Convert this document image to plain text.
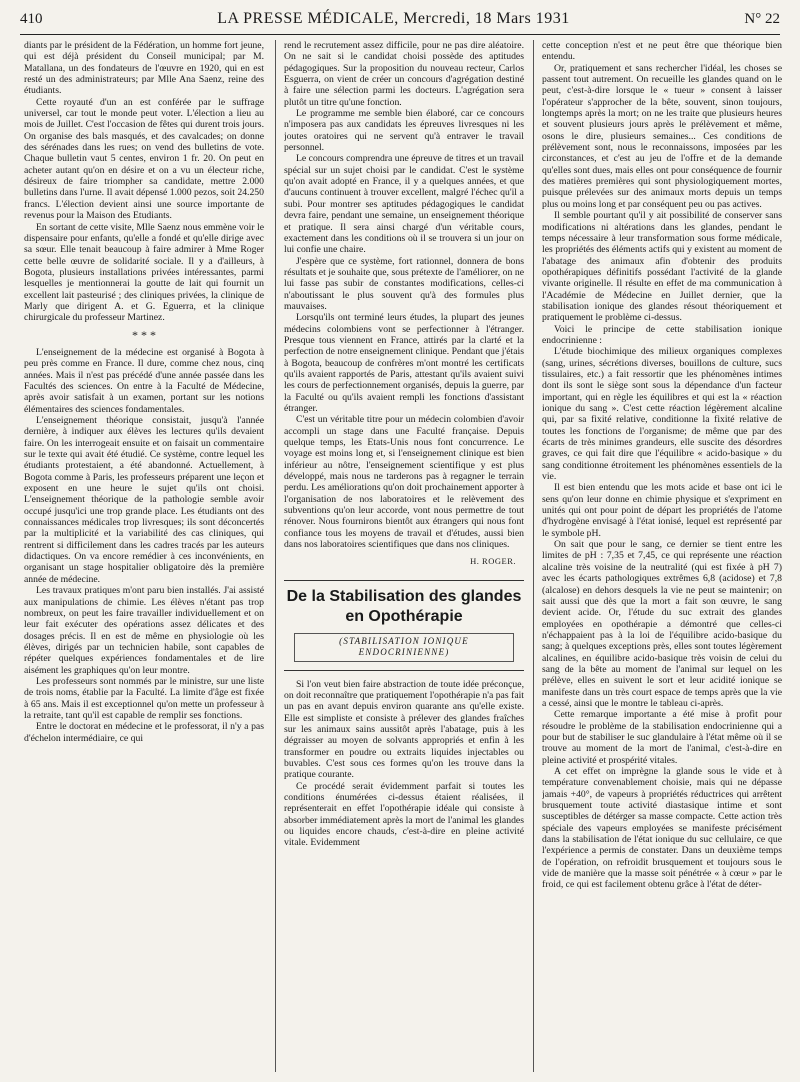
410	LA PRESSE MÉDICALE, Mercredi, 18 Mars 1931	N° 22

diants par le président de la Fédération, un homme fort jeune, qui est déjà président du Conseil municipal; par M. Matallana, un des fondateurs de l'œuvre en 1920, qui en est resté un des administrateurs; par Mlle Ana Saenz, reine des étudiants.

Cette royauté d'un an est conférée par le suffrage universel, car tout le monde peut voter. L'élection a lieu au mois de Juillet. C'est l'occasion de fêtes qui durent trois jours. On organise des bals masqués, et des cavalcades; on donne des sérénades dans les rues; on vend des bulletins de vote. Chaque bulletin vaut 5 centes, environ 1 fr. 20. On peut en acheter autant qu'on en désire et on a vu un électeur riche, désireux de faire triompher sa candidate, mettre 2.000 bulletins dans l'urne. Il avait dépensé 1.000 pezos, soit 24.250 francs. L'élection devient ainsi une source importante de revenus pour la Maison des Etudiants.

En sortant de cette visite, Mlle Saenz nous emmène voir le dispensaire pour enfants, qu'elle a fondé et qu'elle dirige avec sa sœur. Elle tenait beaucoup à faire admirer à Mme Roger cette belle œuvre de solidarité sociale. Il y a d'ailleurs, à Bogota, plusieurs installations privées intéressantes, parmi lesquelles je mentionnerai la goutte de lait qui fournit un excellent lait pasteurisé ; des cliniques privées, la clinique de Marly que dirigent A. et G. Eguerra, et la clinique chirurgicale du professeur Martinez.

* * *

L'enseignement de la médecine est organisé à Bogota à peu près comme en France. Il dure, comme chez nous, cinq années. Mais il n'est pas précédé d'une année passée dans les Facultés des sciences. On entre à la Faculté de Médecine, après avoir satisfait à un examen, portant sur les notions élémentaires des sciences fondamentales.

L'enseignement théorique consistait, jusqu'à l'année dernière, à indiquer aux élèves les lectures qu'ils devaient faire. On les interrogeait ensuite et on faisait un commentaire sur le texte qui avait été étudié. Ce système, contre lequel les étudiants protestaient, a été abandonné. Actuellement, à Bogota comme à Paris, les professeurs préparent une leçon et exposent en une heure le sujet qu'ils ont choisi. L'enseignement théorique de la pathologie semble avoir occupé jusqu'ici une trop grande place. Les étudiants ont des connaissances médicales trop livresques; ils sont déconcertés par la multiplicité et la variabilité des cas cliniques, qui rentrent si difficilement dans les cadres tracés par les auteurs didactiques. On va encore remédier à ces inconvénients, en organisant un stage hospitalier obligatoire dès la première année de médecine.

Les travaux pratiques m'ont paru bien installés. J'ai assisté aux manipulations de chimie. Les élèves n'étant pas trop nombreux, on peut les faire travailler individuellement et on leur fait exécuter des opérations assez délicates et des dosages précis. Il en est de même en physiologie où les élèves, dirigés par un technicien habile, sont capables de répéter quelques expériences fondamentales et de lire aisément les graphiques qu'on leur montre.

Les professeurs sont nommés par le ministre, sur une liste de trois noms, établie par la Faculté. La limite d'âge est fixée à 65 ans. Mais il est exceptionnel qu'on mette un professeur à la retraite, tant qu'il est capable de remplir ses fonctions.

Entre le doctorat en médecine et le professorat, il n'y a pas d'échelon intermédiaire, ce qui

rend le recrutement assez difficile, pour ne pas dire aléatoire. On ne sait si le candidat choisi possède des aptitudes pédagogiques. Sur la proposition du nouveau recteur, Carlos Esguerra, on vient de créer un concours d'agrégation destiné à faire une sélection parmi les docteurs. L'agrégation sera plutôt un titre qu'une fonction.

Le programme me semble bien élaboré, car ce concours n'imposera pas aux candidats les épreuves livresques ni les joutes oratoires qui ne servent qu'à entraver le travail personnel.

Le concours comprendra une épreuve de titres et un travail spécial sur un sujet choisi par le candidat. C'est le système qu'on avait adopté en France, il y a quelques années, et que d'aucuns continuent à trouver excellent, malgré l'échec qu'il a subi. Pour montrer ses aptitudes pédagogiques le candidat devra faire, pendant une semaine, un enseignement théorique et pratique. Il sera ainsi chargé d'un véritable cours, exactement dans les conditions où il se trouvera si un jour on lui confie une chaire.

J'espère que ce système, fort rationnel, donnera de bons résultats et je souhaite que, sous prétexte de l'améliorer, on ne lui fasse pas subir de constantes modifications, celles-ci n'aboutissant le plus souvent qu'à des formules plus mauvaises.

Lorsqu'ils ont terminé leurs études, la plupart des jeunes médecins colombiens vont se perfectionner à l'étranger. Presque tous viennent en France, attirés par la clarté et la perfection de notre enseignement clinique. Pendant que j'étais à Bogota, beaucoup de confrères m'ont montré les certificats qu'ils avaient rapportés de Paris, attestant qu'ils avaient suivi les cours de perfectionnement organisés, depuis la guerre, par la Faculté ou qu'ils avaient rempli les fonctions d'assistant étranger.

C'est un véritable titre pour un médecin colombien d'avoir accompli un stage dans une Faculté française. Depuis quelque temps, les Etats-Unis nous font concurrence. Le voyage est moins long et, si l'enseignement clinique est bien inférieur au nôtre, l'enseignement scientifique y est plus développé, mais nous ne tarderons pas à regagner le terrain perdu. Les améliorations qu'on doit prochainement apporter à l'organisation de nos laboratoires et le relèvement des subventions qu'on leur accorde, vont nous permettre de tout rénover. Nous fournirons bientôt aux étrangers qui nous font confiance tous les moyens de travail et d'études, aussi bien dans nos laboratoires scientifiques que dans nos cliniques.

H. ROGER.

De la Stabilisation des glandes en Opothérapie
(STABILISATION IONIQUE ENDOCRINIENNE)

Si l'on veut bien faire abstraction de toute idée préconçue, on doit reconnaître que pratiquement l'opothérapie n'a pas fait un pas en avant depuis environ quarante ans qu'elle existe. Elle est simpliste et consiste à prélever des glandes fraîches sur les animaux sains aussitôt après l'abatage, puis à les dégraisser au moyen de solvants appropriés et enfin à les transformer en poudre ou extraits liquides injectables ou buvables. C'est sous ces formes qu'on les trouve dans la pratique courante.

Ce procédé serait évidemment parfait si toutes les conditions énumérées ci-dessus étaient réalisées, il représenterait en effet l'opothérapie idéale qui consiste à absorber immédiatement après la mort de l'animal les glandes ou liquides encore chauds, c'est-à-dire en pleine activité vitale. Evidemment

cette conception n'est et ne peut être que théorique bien entendu.

Or, pratiquement et sans rechercher l'idéal, les choses se passent tout autrement. On recueille les glandes quand on le peut, c'est-à-dire lorsque le « tueur » consent à laisser l'opérateur s'approcher de la bête, souvent, sinon toujours, longtemps après la mort; on ne les traite que plusieurs heures et souvent plusieurs jours après le prélèvement et même, osons le dire, plusieurs semaines... Ces conditions de prélèvement sont, nous le reconnaissons, imposées par les circonstances, et c'est au jeu de l'offre et de la demande qu'elles sont dues, mais elles ont pour conséquence de fournir des matières premières qui sont physiologiquement mortes, puisque prélevées sur des animaux morts depuis un temps plus ou moins long et par conséquent peu ou pas actives.

Il semble pourtant qu'il y ait possibilité de conserver sans modifications ni altérations dans les glandes, pendant le temps nécessaire à leur transformation sous forme médicale, les propriétés des éléments actifs qui y existent au moment de l'abatage des animaux afin d'obtenir des produits opothérapiques définitifs possédant l'activité de la glande vivante originelle. Il résulte en effet de ma communication à l'Académie de Médecine en Juillet dernier, que la stabilisation ionique des glandes résout théoriquement et pratiquement le problème ci-dessus.

Voici le principe de cette stabilisation ionique endocrinienne :

L'étude biochimique des milieux organiques complexes (sang, urines, sécrétions diverses, bouillons de culture, sucs tissulaires, etc.) a fait ressortir que les phénomènes intimes dont ils sont le siège sont sous la dépendance d'un facteur important, qui en règle les équilibres et qui est la « réaction ionique du sang ». C'est cette réaction légèrement alcaline qui, par sa fixité relative, conditionne la fixité relative de toutes les fonctions de l'organisme; de même que par des écarts de très minimes grandeurs, elle suscite des désordres graves, ce qui fait dire que l'équilibre « acido-basique » du sang conditionne étroitement les phénomènes essentiels de la vie.

Il est bien entendu que les mots acide et base ont ici le sens qu'on leur donne en chimie physique et s'expriment en unités qui ont pour point de départ les propriétés de l'atome d'hydrogène envisagé à l'état ionisé, lequel est représenté par le symbole pH.

On sait que pour le sang, ce dernier se tient entre les limites de pH : 7,35 et 7,45, ce qui représente une réaction alcaline très voisine de la neutralité (qui est fixée à pH 7) avec les écarts pathologiques extrêmes 6,8 (acidose) et 7,8 (alcalose) en dehors desquels la vie ne peut se maintenir; on sait aussi que dès que la mort a fait son œuvre, le sang devient acide. Or, l'étude du suc extrait des glandes employées en opothérapie a démontré que celles-ci n'échappaient pas à la loi de l'équilibre acido-basique du sang; à quelques exceptions près, elles sont toutes légèrement alcalines, en équilibre acido-basique très voisin de celui du sang de la bête au moment de l'animal sur lequel on les prélève, elles en suivent le sort et leur acidité ionique se manifeste dans un très court espace de temps après que la vie a cessé, ainsi que le montre le tableau ci-après.

Cette remarque importante a été mise à profit pour résoudre le problème de la stabilisation endocrinienne qui a pour but de stabiliser le suc glandulaire à l'état même où il se trouve au moment de la mort de l'animal, c'est-à-dire en pleine activité et prospérité vitales.

A cet effet on imprègne la glande sous le vide et à température convenablement choisie, mais qui ne dépasse jamais +40°, de vapeurs à propriétés réductrices qui arrêtent brusquement toute activité diastasique intime et sont susceptibles de détérger sa masse compacte. Cette action très spéciale des vapeurs employées se manifeste précisément dans la stabilisation de l'état ionique du suc cellulaire, ce que l'expérience a permis de constater. Dans un deuxième temps de l'opération, on refroidit brusquement et toujours sous le vide de manière que la masse soit pénétrée « à cœur » par le froid, ce qui est facilement obtenu grâce à l'état de déter-
